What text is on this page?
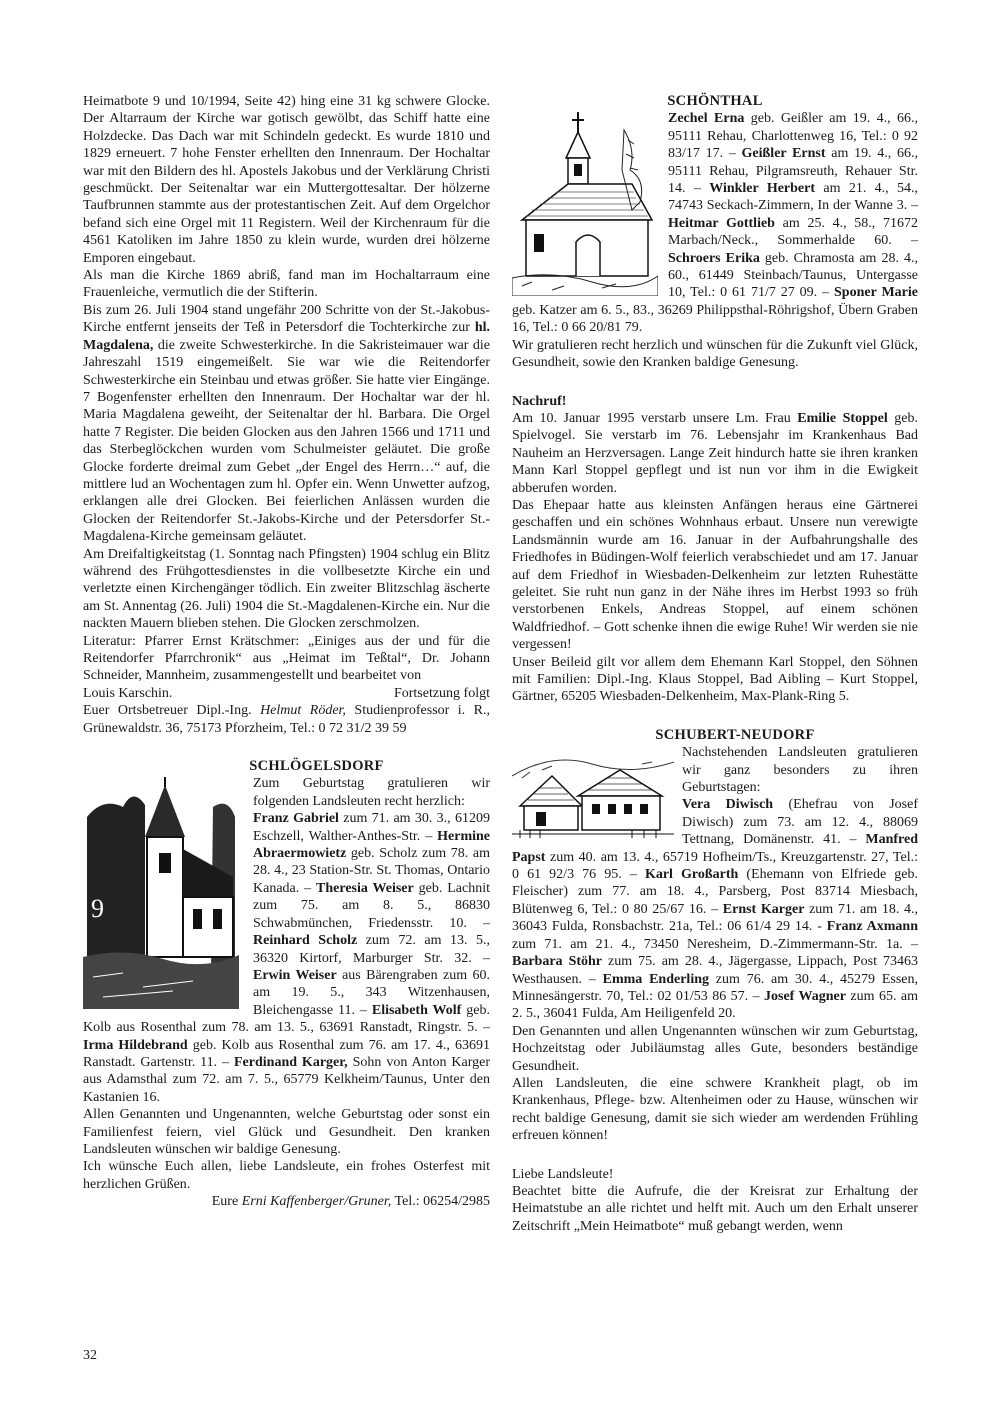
Heimatbote 9 und 10/1994, Seite 42) hing eine 31 kg schwere Glocke. Der Altarraum der Kirche war gotisch gewölbt, das Schiff hatte eine Holzdecke. Das Dach war mit Schindeln gedeckt. Es wurde 1810 und 1829 erneuert. 7 hohe Fenster erhellten den Innenraum. Der Hochaltar war mit den Bildern des hl. Apostels Jakobus und der Verklärung Christi geschmückt. Der Seitenaltar war ein Muttergottesaltar. Der hölzerne Taufbrunnen stammte aus der protestantischen Zeit. Auf dem Orgelchor befand sich eine Orgel mit 11 Registern. Weil der Kirchenraum für die 4561 Katoliken im Jahre 1850 zu klein wurde, wurden drei hölzerne Emporen eingebaut.

Als man die Kirche 1869 abriß, fand man im Hochaltarraum eine Frauenleiche, vermutlich die der Stifterin.

Bis zum 26. Juli 1904 stand ungefähr 200 Schritte von der St.-Jakobus-Kirche entfernt jenseits der Teß in Petersdorf die Tochterkirche zur hl. Magdalena, die zweite Schwesterkirche. In die Sakristeimauer war die Jahreszahl 1519 eingemeißelt. Sie war wie die Reitendorfer Schwesterkirche ein Steinbau und etwas größer. Sie hatte vier Eingänge. 7 Bogenfenster erhellten den Innenraum. Der Hochaltar war der hl. Maria Magdalena geweiht, der Seitenaltar der hl. Barbara. Die Orgel hatte 7 Register. Die beiden Glocken aus den Jahren 1566 und 1711 und das Sterbeglöckchen wurden vom Schulmeister geläutet. Die große Glocke forderte dreimal zum Gebet „der Engel des Herrn…“ auf, die mittlere lud an Wochentagen zum hl. Opfer ein. Wenn Unwetter aufzog, erklangen alle drei Glocken. Bei feierlichen Anlässen wurden die Glocken der Reitendorfer St.-Jakobs-Kirche und der Petersdorfer St.-Magdalena-Kirche gemeinsam geläutet.

Am Dreifaltigkeitstag (1. Sonntag nach Pfingsten) 1904 schlug ein Blitz während des Frühgottesdienstes in die vollbesetzte Kirche ein und verletzte einen Kirchengänger tödlich. Ein zweiter Blitzschlag äscherte am St. Annentag (26. Juli) 1904 die St.-Magdalenen-Kirche ein. Nur die nackten Mauern blieben stehen. Die Glocken zerschmolzen.

Literatur: Pfarrer Ernst Krätschmer: „Einiges aus der und für die Reitendorfer Pfarrchronik“ aus „Heimat im Teßtal“, Dr. Johann Schneider, Mannheim, zusammengestellt und bearbeitet von

Louis Karschin.	Fortsetzung folgt

Euer Ortsbetreuer Dipl.-Ing. Helmut Röder, Studienprofessor i. R., Grünewaldstr. 36, 75173 Pforzheim, Tel.: 0 72 31/2 39 59

SCHLÖGELSDORF

9

Zum Geburtstag gratulieren wir folgenden Landsleuten recht herzlich:

Franz Gabriel zum 71. am 30. 3., 61209 Eschzell, Walther-Anthes-Str. – Hermine Abraermowietz geb. Scholz zum 78. am 28. 4., 23 Station-Str. St. Thomas, Ontario Kanada. – Theresia Weiser geb. Lachnit zum 75. am 8. 5., 86830 Schwabmünchen, Friedensstr. 10. – Reinhard Scholz zum 72. am 13. 5., 36320 Kirtorf, Marburger Str. 32. – Erwin Weiser aus Bärengraben zum 60. am 19. 5., 343 Witzenhausen, Bleichengasse 11. – Elisabeth Wolf geb. Kolb aus Rosenthal zum 78. am 13. 5., 63691 Ranstadt, Ringstr. 5. – Irma Hildebrand geb. Kolb aus Rosenthal zum 76. am 17. 4., 63691 Ranstadt. Gartenstr. 11. – Ferdinand Karger, Sohn von Anton Karger aus Adamsthal zum 72. am 7. 5., 65779 Kelkheim/Taunus, Unter den Kastanien 16.

Allen Genannten und Ungenannten, welche Geburtstag oder sonst ein Familienfest feiern, viel Glück und Gesundheit. Den kranken Landsleuten wünschen wir baldige Genesung.

Ich wünsche Euch allen, liebe Landsleute, ein frohes Osterfest mit herzlichen Grüßen.

Eure Erni Kaffenberger/Gruner, Tel.: 06254/2985

SCHÖNTHAL

Zechel Erna geb. Geißler am 19. 4., 66., 95111 Rehau, Charlottenweg 16, Tel.: 0 92 83/17 17. – Geißler Ernst am 19. 4., 66., 95111 Rehau, Pilgramsreuth, Rehauer Str. 14. – Winkler Herbert am 21. 4., 54., 74743 Seckach-Zimmern, In der Wanne 3. – Heitmar Gottlieb am 25. 4., 58., 71672 Marbach/Neck., Sommerhalde 60. – Schroers Erika geb. Chramosta am 28. 4., 60., 61449 Steinbach/Taunus, Untergasse 10, Tel.: 0 61 71/7 27 09. – Sponer Marie geb. Katzer am 6. 5., 83., 36269 Philippsthal-Röhrigshof, Übern Graben 16, Tel.: 0 66 20/81 79.

Wir gratulieren recht herzlich und wünschen für die Zukunft viel Glück, Gesundheit, sowie den Kranken baldige Genesung.

Nachruf!

Am 10. Januar 1995 verstarb unsere Lm. Frau Emilie Stoppel geb. Spielvogel. Sie verstarb im 76. Lebensjahr im Krankenhaus Bad Nauheim an Herzversagen. Lange Zeit hindurch hatte sie ihren kranken Mann Karl Stoppel gepflegt und ist nun vor ihm in die Ewigkeit abberufen worden.

Das Ehepaar hatte aus kleinsten Anfängen heraus eine Gärtnerei geschaffen und ein schönes Wohnhaus erbaut. Unsere nun verewigte Landsmännin wurde am 16. Januar in der Aufbahrungshalle des Friedhofes in Büdingen-Wolf feierlich verabschiedet und am 17. Januar auf dem Friedhof in Wiesbaden-Delkenheim zur letzten Ruhestätte geleitet. Sie ruht nun ganz in der Nähe ihres im Herbst 1993 so früh verstorbenen Enkels, Andreas Stoppel, auf einem schönen Waldfriedhof. – Gott schenke ihnen die ewige Ruhe! Wir werden sie nie vergessen!

Unser Beileid gilt vor allem dem Ehemann Karl Stoppel, den Söhnen mit Familien: Dipl.-Ing. Klaus Stoppel, Bad Aibling – Kurt Stoppel, Gärtner, 65205 Wiesbaden-Delkenheim, Max-Plank-Ring 5.

SCHUBERT-NEUDORF

Nachstehenden Landsleuten gratulieren wir ganz besonders zu ihren Geburtstagen:

Vera Diwisch (Ehefrau von Josef Diwisch) zum 73. am 12. 4., 88069 Tettnang, Domänenstr. 41. – Manfred Papst zum 40. am 13. 4., 65719 Hofheim/Ts., Kreuzgartenstr. 27, Tel.: 0 61 92/3 76 95. – Karl Großarth (Ehemann von Elfriede geb. Fleischer) zum 77. am 18. 4., Parsberg, Post 83714 Miesbach, Blütenweg 6, Tel.: 0 80 25/67 16. – Ernst Karger zum 71. am 18. 4., 36043 Fulda, Ronsbachstr. 21a, Tel.: 06 61/4 29 14. - Franz Axmann zum 71. am 21. 4., 73450 Neresheim, D.-Zimmermann-Str. 1a. – Barbara Stöhr zum 75. am 28. 4., Jägergasse, Lippach, Post 73463 Westhausen. – Emma Enderling zum 76. am 30. 4., 45279 Essen, Minnesängerstr. 70, Tel.: 02 01/53 86 57. – Josef Wagner zum 65. am 2. 5., 36041 Fulda, Am Heiligenfeld 20.

Den Genannten und allen Ungenannten wünschen wir zum Geburtstag, Hochzeitstag oder Jubiläumstag alles Gute, besonders beständige Gesundheit.

Allen Landsleuten, die eine schwere Krankheit plagt, ob im Krankenhaus, Pflege- bzw. Altenheimen oder zu Hause, wünschen wir recht baldige Genesung, damit sie sich wieder am werdenden Frühling erfreuen können!

Liebe Landsleute!

Beachtet bitte die Aufrufe, die der Kreisrat zur Erhaltung der Heimatstube an alle richtet und helft mit. Auch um den Erhalt unserer Zeitschrift „Mein Heimatbote“ muß gebangt werden, wenn

32
